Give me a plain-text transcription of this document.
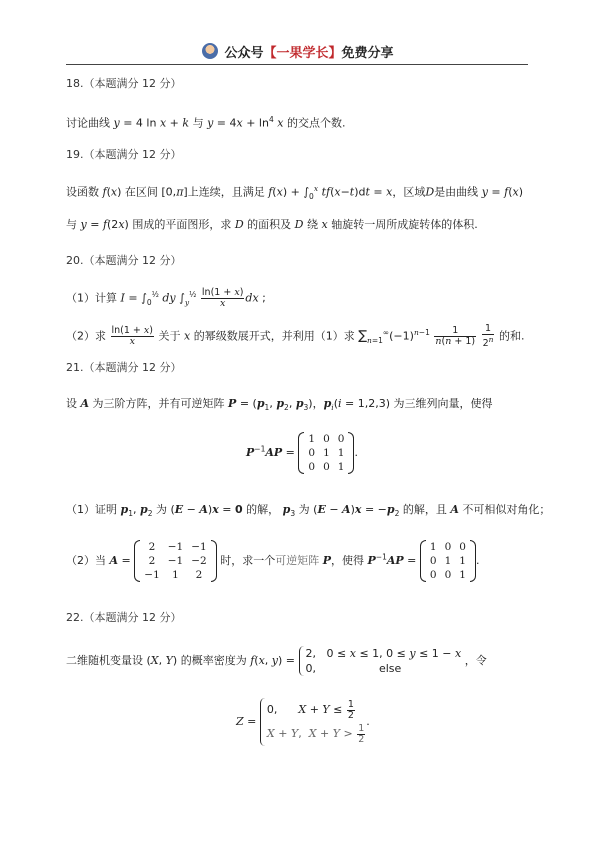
公众号 【 一果学长 】 免费分享
18.（本题满分 12 分）
讨论曲线 y = 4 ln x + k 与 $y = 4x + \ln^4 x$ 的交点个数.
19.（本题满分 12 分）
设函数 f(x) 在区间 [0,π]上连续，且满足 $f(x) + \int_0^x$ tf(x−t)dt = x，区域D是由曲线 y = f(x)
与 y = f(2x) 围成的平面图形，求 D 的面积及 D 绕 x 轴旋转一周所成旋转体的体积.
20.（本题满分 12 分）
（1）计算 $I = \int_0^{\frac{1}{2}}$ dy $\int_y^{\frac{1}{2}} \frac{\ln(1 + x)}{x}$ dx ;
（2）求 $\frac{\ln(1 + x)}{x}$ 关于 x 的幂级数展开式，并利用（1）求 $\sum_{n=1}^\infty(-1)^{n-1} \frac{1}{n(n + 1)}$
$\frac{1}{2^n}$ 的和.
21.（本题满分 12 分）
设 A 为三阶方阵，并有可逆矩阵 $P = (p_1$, $p_2$, $p_3$)，$p_i(i = 1,2,3)$ 为三维列向量，使得
$P^{-1}AP$ =
1	0	0
0	1	1
0	0	1
.
（1）证明 $p_1$, $p_2$ 为 (E − A)x = 0 的解， $p_3$ 为 $(E - A)x = -p_2$ 的解，且 A 不可相似对角化；
（2）当 A =
2	−1	−1
2	−1	−2
−1	1	2
时，求一个可逆矩阵 P，使得 $P^{-1}AP$ =
1	0	0
0	1	1
0	0	1
.
22.（本题满分 12 分）
二维随机变量设 (X, Y) 的概率密度为 f(x, y) =
2,   0 ≤ x ≤ 1, 0 ≤ y ≤ 1 − x
0,                  else
，令
Z =
0,      $X + Y \le \frac{1}{2}$
X + Y,  $X + Y > \frac{1}{2}$
.
